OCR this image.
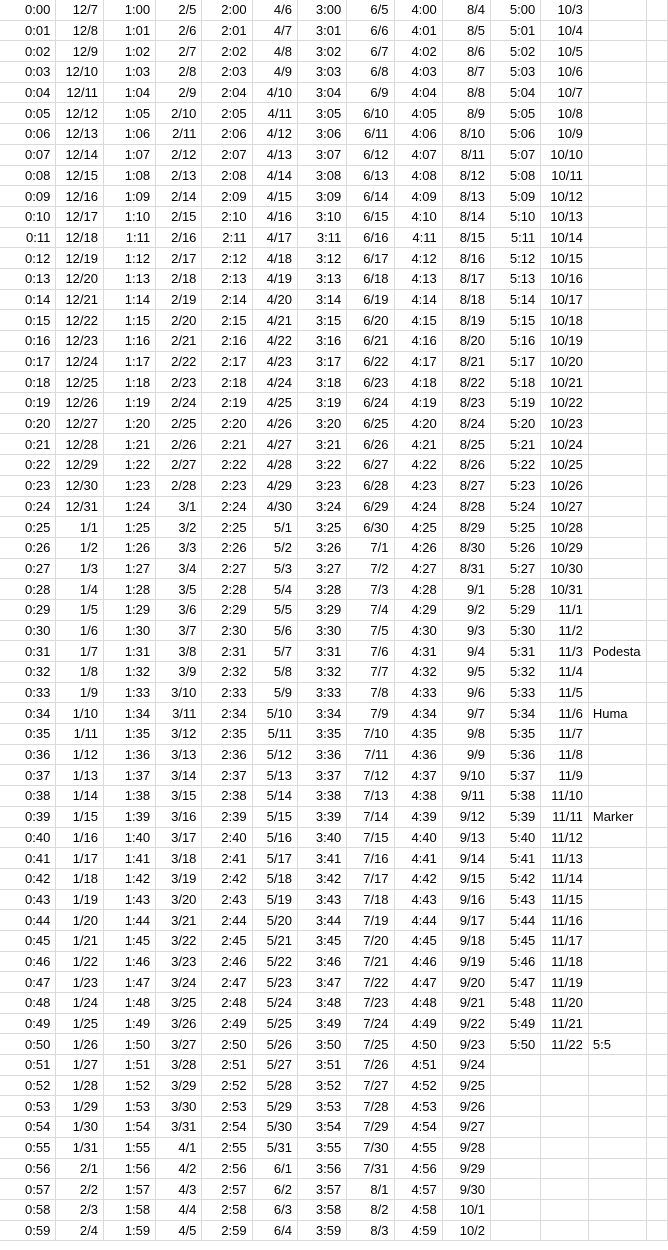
0:00	12/7	1:00	2/5	2:00	4/6	3:00	6/5	4:00	8/4	5:00	10/3		
0:01	12/8	1:01	2/6	2:01	4/7	3:01	6/6	4:01	8/5	5:01	10/4		
0:02	12/9	1:02	2/7	2:02	4/8	3:02	6/7	4:02	8/6	5:02	10/5		
0:03	12/10	1:03	2/8	2:03	4/9	3:03	6/8	4:03	8/7	5:03	10/6		
0:04	12/11	1:04	2/9	2:04	4/10	3:04	6/9	4:04	8/8	5:04	10/7		
0:05	12/12	1:05	2/10	2:05	4/11	3:05	6/10	4:05	8/9	5:05	10/8		
0:06	12/13	1:06	2/11	2:06	4/12	3:06	6/11	4:06	8/10	5:06	10/9		
0:07	12/14	1:07	2/12	2:07	4/13	3:07	6/12	4:07	8/11	5:07	10/10		
0:08	12/15	1:08	2/13	2:08	4/14	3:08	6/13	4:08	8/12	5:08	10/11		
0:09	12/16	1:09	2/14	2:09	4/15	3:09	6/14	4:09	8/13	5:09	10/12		
0:10	12/17	1:10	2/15	2:10	4/16	3:10	6/15	4:10	8/14	5:10	10/13		
0:11	12/18	1:11	2/16	2:11	4/17	3:11	6/16	4:11	8/15	5:11	10/14		
0:12	12/19	1:12	2/17	2:12	4/18	3:12	6/17	4:12	8/16	5:12	10/15		
0:13	12/20	1:13	2/18	2:13	4/19	3:13	6/18	4:13	8/17	5:13	10/16		
0:14	12/21	1:14	2/19	2:14	4/20	3:14	6/19	4:14	8/18	5:14	10/17		
0:15	12/22	1:15	2/20	2:15	4/21	3:15	6/20	4:15	8/19	5:15	10/18		
0:16	12/23	1:16	2/21	2:16	4/22	3:16	6/21	4:16	8/20	5:16	10/19		
0:17	12/24	1:17	2/22	2:17	4/23	3:17	6/22	4:17	8/21	5:17	10/20		
0:18	12/25	1:18	2/23	2:18	4/24	3:18	6/23	4:18	8/22	5:18	10/21		
0:19	12/26	1:19	2/24	2:19	4/25	3:19	6/24	4:19	8/23	5:19	10/22		
0:20	12/27	1:20	2/25	2:20	4/26	3:20	6/25	4:20	8/24	5:20	10/23		
0:21	12/28	1:21	2/26	2:21	4/27	3:21	6/26	4:21	8/25	5:21	10/24		
0:22	12/29	1:22	2/27	2:22	4/28	3:22	6/27	4:22	8/26	5:22	10/25		
0:23	12/30	1:23	2/28	2:23	4/29	3:23	6/28	4:23	8/27	5:23	10/26		
0:24	12/31	1:24	3/1	2:24	4/30	3:24	6/29	4:24	8/28	5:24	10/27		
0:25	1/1	1:25	3/2	2:25	5/1	3:25	6/30	4:25	8/29	5:25	10/28		
0:26	1/2	1:26	3/3	2:26	5/2	3:26	7/1	4:26	8/30	5:26	10/29		
0:27	1/3	1:27	3/4	2:27	5/3	3:27	7/2	4:27	8/31	5:27	10/30		
0:28	1/4	1:28	3/5	2:28	5/4	3:28	7/3	4:28	9/1	5:28	10/31		
0:29	1/5	1:29	3/6	2:29	5/5	3:29	7/4	4:29	9/2	5:29	11/1		
0:30	1/6	1:30	3/7	2:30	5/6	3:30	7/5	4:30	9/3	5:30	11/2		
0:31	1/7	1:31	3/8	2:31	5/7	3:31	7/6	4:31	9/4	5:31	11/3	Podesta	
0:32	1/8	1:32	3/9	2:32	5/8	3:32	7/7	4:32	9/5	5:32	11/4		
0:33	1/9	1:33	3/10	2:33	5/9	3:33	7/8	4:33	9/6	5:33	11/5		
0:34	1/10	1:34	3/11	2:34	5/10	3:34	7/9	4:34	9/7	5:34	11/6	Huma	
0:35	1/11	1:35	3/12	2:35	5/11	3:35	7/10	4:35	9/8	5:35	11/7		
0:36	1/12	1:36	3/13	2:36	5/12	3:36	7/11	4:36	9/9	5:36	11/8		
0:37	1/13	1:37	3/14	2:37	5/13	3:37	7/12	4:37	9/10	5:37	11/9		
0:38	1/14	1:38	3/15	2:38	5/14	3:38	7/13	4:38	9/11	5:38	11/10		
0:39	1/15	1:39	3/16	2:39	5/15	3:39	7/14	4:39	9/12	5:39	11/11	Marker	
0:40	1/16	1:40	3/17	2:40	5/16	3:40	7/15	4:40	9/13	5:40	11/12		
0:41	1/17	1:41	3/18	2:41	5/17	3:41	7/16	4:41	9/14	5:41	11/13		
0:42	1/18	1:42	3/19	2:42	5/18	3:42	7/17	4:42	9/15	5:42	11/14		
0:43	1/19	1:43	3/20	2:43	5/19	3:43	7/18	4:43	9/16	5:43	11/15		
0:44	1/20	1:44	3/21	2:44	5/20	3:44	7/19	4:44	9/17	5:44	11/16		
0:45	1/21	1:45	3/22	2:45	5/21	3:45	7/20	4:45	9/18	5:45	11/17		
0:46	1/22	1:46	3/23	2:46	5/22	3:46	7/21	4:46	9/19	5:46	11/18		
0:47	1/23	1:47	3/24	2:47	5/23	3:47	7/22	4:47	9/20	5:47	11/19		
0:48	1/24	1:48	3/25	2:48	5/24	3:48	7/23	4:48	9/21	5:48	11/20		
0:49	1/25	1:49	3/26	2:49	5/25	3:49	7/24	4:49	9/22	5:49	11/21		
0:50	1/26	1:50	3/27	2:50	5/26	3:50	7/25	4:50	9/23	5:50	11/22	5:5	
0:51	1/27	1:51	3/28	2:51	5/27	3:51	7/26	4:51	9/24				
0:52	1/28	1:52	3/29	2:52	5/28	3:52	7/27	4:52	9/25				
0:53	1/29	1:53	3/30	2:53	5/29	3:53	7/28	4:53	9/26				
0:54	1/30	1:54	3/31	2:54	5/30	3:54	7/29	4:54	9/27				
0:55	1/31	1:55	4/1	2:55	5/31	3:55	7/30	4:55	9/28				
0:56	2/1	1:56	4/2	2:56	6/1	3:56	7/31	4:56	9/29				
0:57	2/2	1:57	4/3	2:57	6/2	3:57	8/1	4:57	9/30				
0:58	2/3	1:58	4/4	2:58	6/3	3:58	8/2	4:58	10/1				
0:59	2/4	1:59	4/5	2:59	6/4	3:59	8/3	4:59	10/2				
